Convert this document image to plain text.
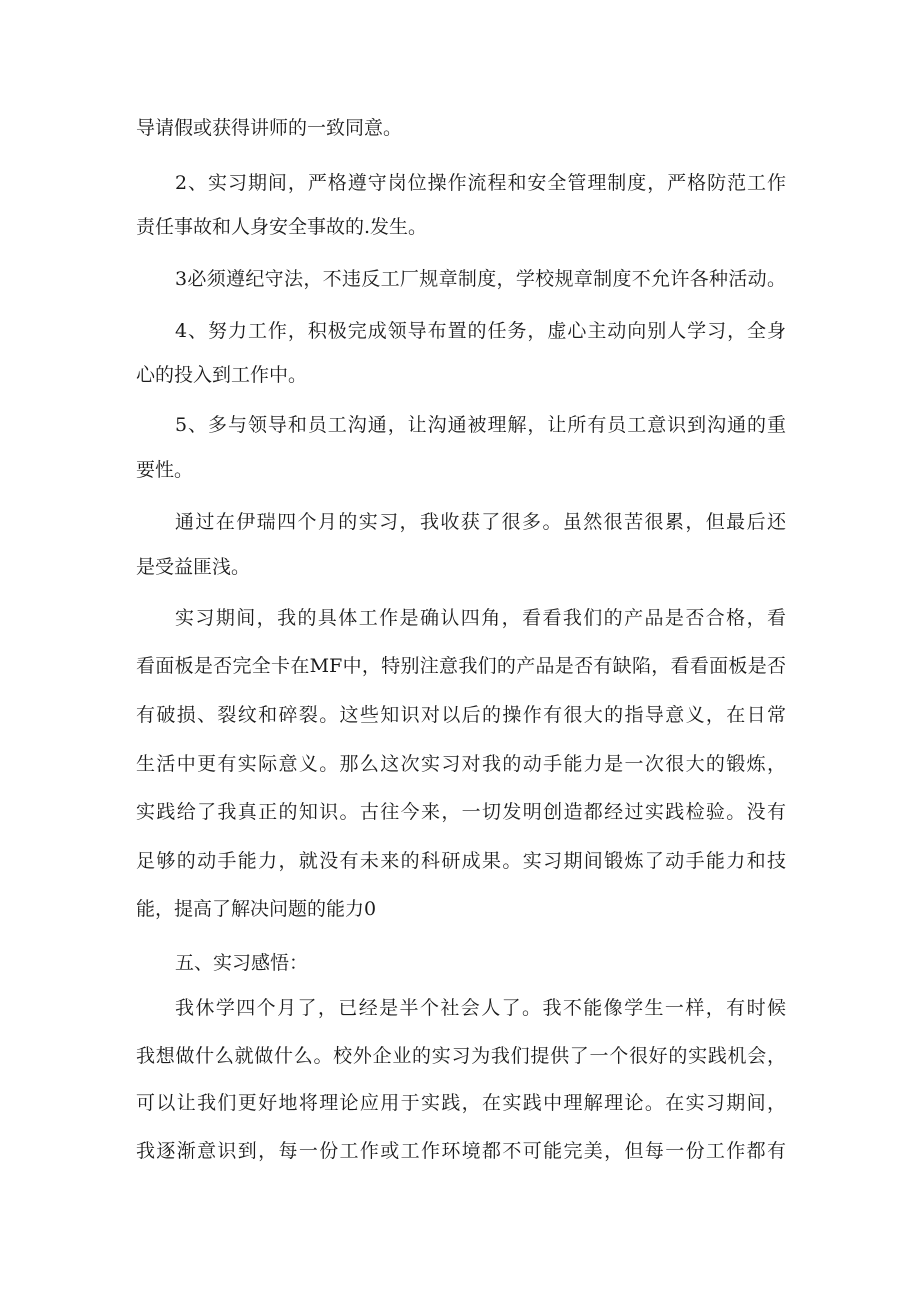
导请假或获得讲师的一致同意。
2、实习期间，严格遵守岗位操作流程和安全管理制度，严格防范工作
责任事故和人身安全事故的.发生。
3必须遵纪守法，不违反工厂规章制度，学校规章制度不允许各种活动。
4、努力工作，积极完成领导布置的任务，虚心主动向别人学习，全身
心的投入到工作中。
5、多与领导和员工沟通，让沟通被理解，让所有员工意识到沟通的重
要性。
通过在伊瑞四个月的实习，我收获了很多。虽然很苦很累，但最后还
是受益匪浅。
实习期间，我的具体工作是确认四角，看看我们的产品是否合格，看
看面板是否完全卡在MF中，特别注意我们的产品是否有缺陷，看看面板是否
有破损、裂纹和碎裂。这些知识对以后的操作有很大的指导意义，在日常
生活中更有实际意义。那么这次实习对我的动手能力是一次很大的锻炼，
实践给了我真正的知识。古往今来，一切发明创造都经过实践检验。没有
足够的动手能力，就没有未来的科研成果。实习期间锻炼了动手能力和技
能，提高了解决问题的能力0
五、实习感悟：
我休学四个月了，已经是半个社会人了。我不能像学生一样，有时候
我想做什么就做什么。校外企业的实习为我们提供了一个很好的实践机会，
可以让我们更好地将理论应用于实践，在实践中理解理论。在实习期间，
我逐渐意识到，每一份工作或工作环境都不可能完美，但每一份工作都有
